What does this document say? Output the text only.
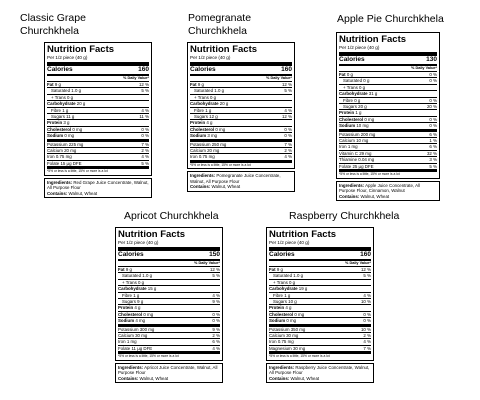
Classic Grape
Churchkhela
Pomegranate
Churchkhela
Apple Pie Churchkhela
Apricot Churchkhela	Raspberry Churchkhela
Nutrition Facts
Per 1/2 piece (40 g)
Calories	160
% Daily Value*
Fat 9 g	12 %
Saturated 1.0 g	5 %
+ Trans 0 g
Carbohydrate 20 g
Fibre 1 g	4 %
Sugars 11 g	11 %
Protein 3 g
Cholesterol 0 mg	0 %
Sodium 0 mg	0 %
Potassium 225 mg	7 %
Calcium 20 mg	2 %
Iron 0.75 mg	4 %
Folate 15 µg DFE	5 %
*5% or less is a little, 15% or more is a lot
Ingredients: Red Grape Juice Concentrate, Walnut, All Purpose Flour
Contains: Walnut, Wheat
Nutrition Facts
Per 1/2 piece (40 g)
Calories	160
% Daily Value*
Fat 9 g	12 %
Saturated 1.0 g	5 %
+ Trans 0 g
Carbohydrate 20 g
Fibre 1 g	4 %
Sugars 12 g	12 %
Protein 4 g
Cholesterol 0 mg	0 %
Sodium 3 mg	0 %
Potassium 250 mg	7 %
Calcium 20 mg	2 %
Iron 0.75 mg	4 %
*5% or less is a little, 15% or more is a lot
Ingredients: Pomegranate Juice Concentrate, Walnut, All Purpose Flour
Contains: Walnut, Wheat
Nutrition Facts
Per 1/2 piece (40 g)
Calories	130
% Daily Value*
Fat 0 g	0 %
Saturated 0 g	0 %
+ Trans 0 g
Carbohydrate 31 g
Fibre 0 g	0 %
Sugars 20 g	20 %
Protein 1 g
Cholesterol 0 mg	0 %
Sodium 10 mg	0 %
Potassium 200 mg	6 %
Calcium 10 mg	1 %
Iron 1 mg	6 %
Vitamin C 29 mg	32 %
Thiamine 0.04 mg	3 %
Folate 25 µg DFE	5 %
*5% or less is a little, 15% or more is a lot
Ingredients: Apple Juice Concentrate, All Purpose Flour, Cinnamon, Walnut
Contains: Walnut, Wheat
Nutrition Facts
Per 1/2 piece (40 g)
Calories	150
% Daily Value*
Fat 9 g	12 %
Saturated 1.0 g	5 %
+ Trans 0 g
Carbohydrate 15 g
Fibre 1 g	4 %
Sugars 9 g	9 %
Protein 4 g
Cholesterol 0 mg	0 %
Sodium 4 mg	0 %
Potassium 300 mg	9 %
Calcium 30 mg	2 %
Iron 1 mg	6 %
Folate 11 µg DFE	4 %
*5% or less is a little, 15% or more is a lot
Ingredients: Apricot Juice Concentrate, Walnut, All Purpose Flour
Contains: Walnut, Wheat
Nutrition Facts
Per 1/2 piece (40 g)
Calories	160
% Daily Value*
Fat 9 g	12 %
Saturated 1.0 g	5 %
+ Trans 0 g
Carbohydrate 19 g
Fibre 1 g	4 %
Sugars 10 g	10 %
Protein 4 g
Cholesterol 0 mg	0 %
Sodium 0 mg	0 %
Potassium 350 mg	10 %
Calcium 30 mg	2 %
Iron 0.75 mg	4 %
Magnesium 30 mg	7 %
*5% or less is a little, 15% or more is a lot
Ingredients: Raspberry Juice Concentrate, Walnut, All Purpose Flour
Contains: Walnut, Wheat
